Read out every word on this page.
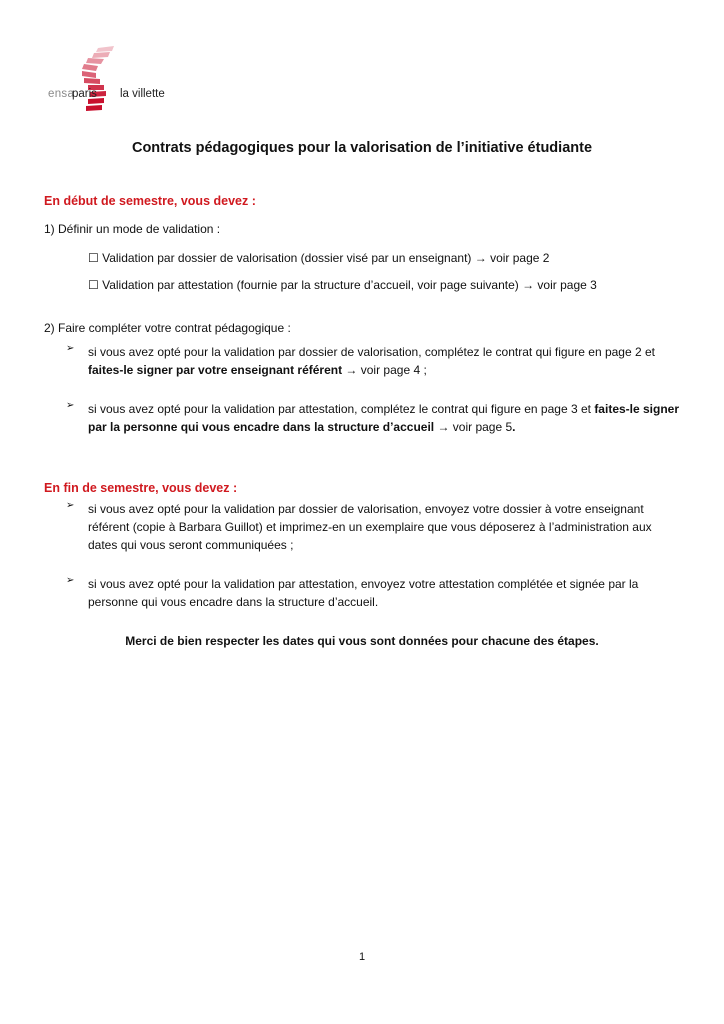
ensa
paris la villette
Contrats pédagogiques pour la valorisation de l’initiative étudiante
En début de semestre, vous devez :
1) Définir un mode de validation :
☐ Validation par dossier de valorisation (dossier visé par un enseignant) → voir page 2
☐ Validation par attestation (fournie par la structure d’accueil, voir page suivante) → voir page 3
2) Faire compléter votre contrat pédagogique :
➢ si vous avez opté pour la validation par dossier de valorisation, complétez le contrat qui figure en page 2 et faites-le signer par votre enseignant référent → voir page 4 ;
➢ si vous avez opté pour la validation par attestation, complétez le contrat qui figure en page 3 et faites-le signer par la personne qui vous encadre dans la structure d’accueil → voir page 5.
En fin de semestre, vous devez :
➢ si vous avez opté pour la validation par dossier de valorisation, envoyez votre dossier à votre enseignant référent (copie à Barbara Guillot) et imprimez-en un exemplaire que vous déposerez à l’administration aux dates qui vous seront communiquées ;
➢ si vous avez opté pour la validation par attestation, envoyez votre attestation complétée et signée par la personne qui vous encadre dans la structure d’accueil.
Merci de bien respecter les dates qui vous sont données pour chacune des étapes.
1
